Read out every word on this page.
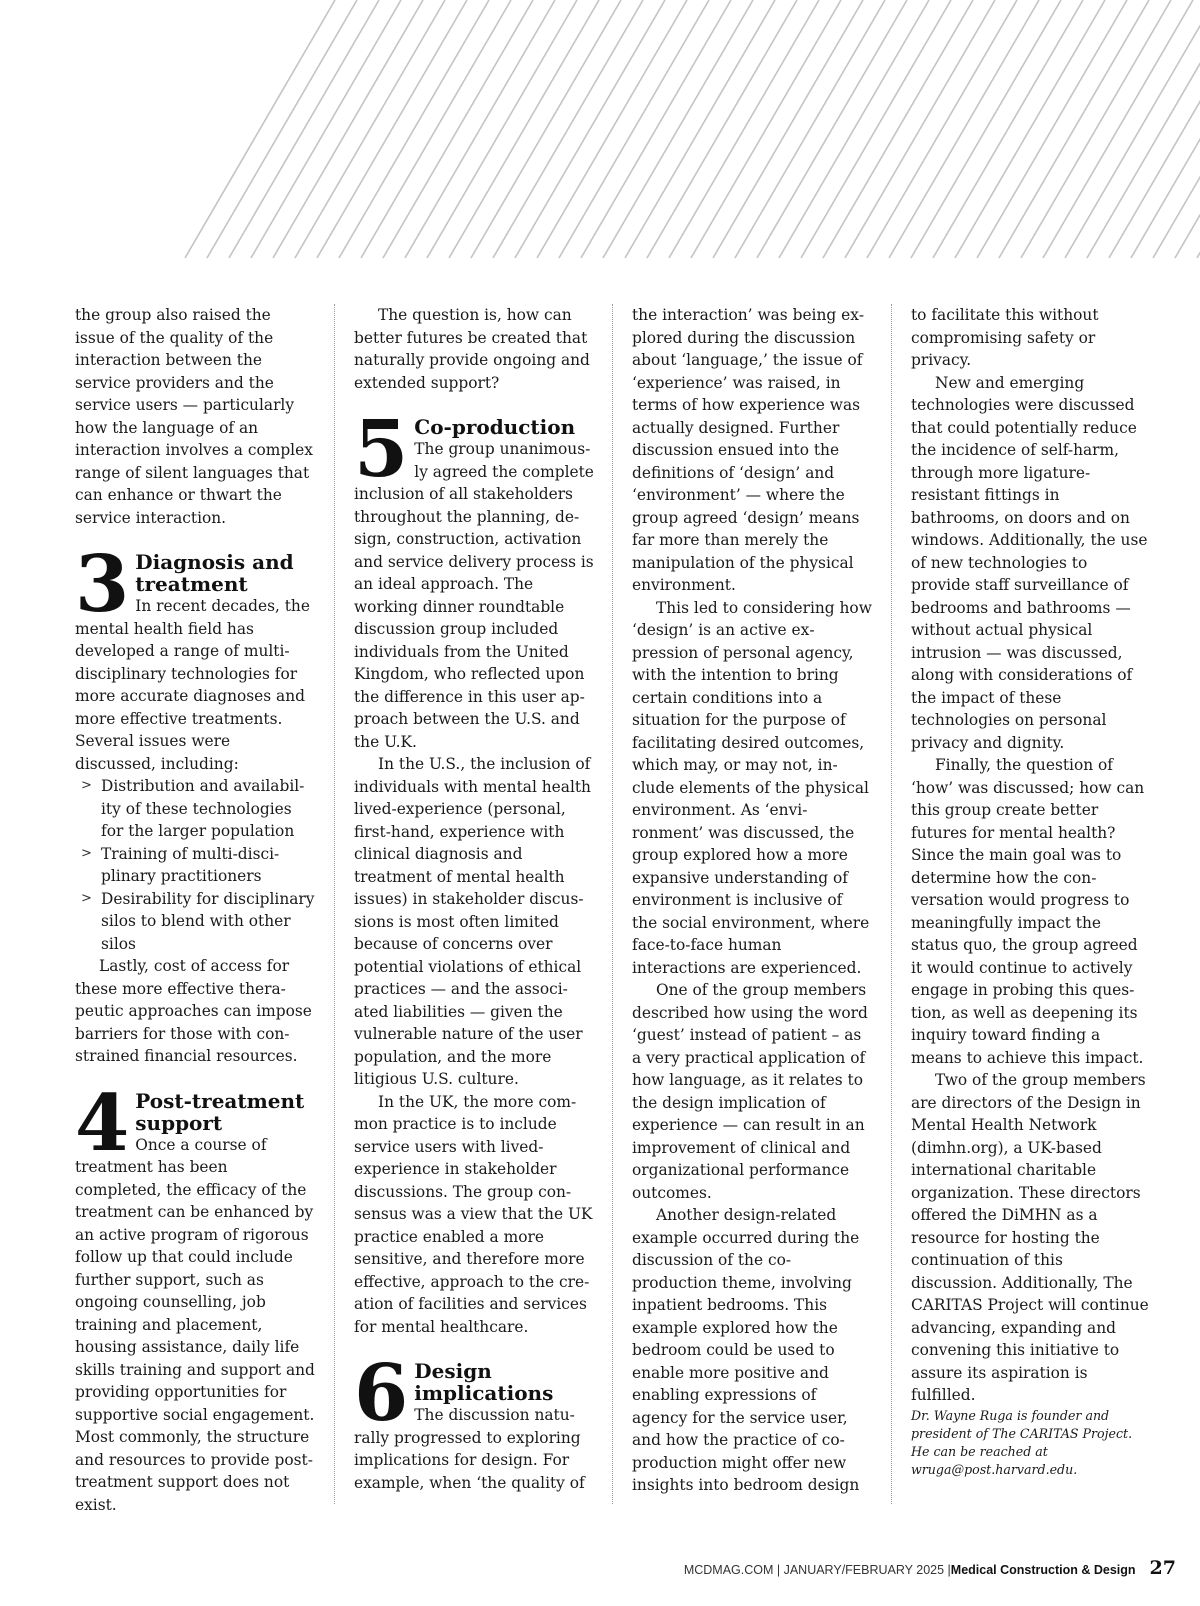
the group also raised the issue of the quality of the interaction between the service providers and the service users — particularly how the language of an interaction involves a complex range of silent languages that can enhance or thwart the service interaction.

3 Diagnosis and treatment

In recent decades, the mental health field has developed a range of multidisciplinary technologies for more accurate diagnoses and more effective treatments. Several issues were discussed, including:

> Distribution and availability of these technologies for the larger population
> Training of multi-disciplinary practitioners
> Desirability for disciplinary silos to blend with other silos

Lastly, cost of access for these more effective therapeutic approaches can impose barriers for those with constrained financial resources.

4 Post-treatment support

Once a course of treatment has been completed, the efficacy of the treatment can be enhanced by an active program of rigorous follow up that could include further support, such as ongoing counselling, job training and placement, housing assistance, daily life skills training and support and providing opportunities for supportive social engagement. Most commonly, the structure and resources to provide post-treatment support does not exist.

The question is, how can better futures be created that naturally provide ongoing and extended support?

5 Co-production

The group unanimously agreed the complete inclusion of all stakeholders throughout the planning, design, construction, activation and service delivery process is an ideal approach. The working dinner roundtable discussion group included individuals from the United Kingdom, who reflected upon the difference in this user approach between the U.S. and the U.K.

In the U.S., the inclusion of individuals with mental health lived-experience (personal, first-hand, experience with clinical diagnosis and treatment of mental health issues) in stakeholder discussions is most often limited because of concerns over potential violations of ethical practices — and the associated liabilities — given the vulnerable nature of the user population, and the more litigious U.S. culture.

In the UK, the more common practice is to include service users with lived-experience in stakeholder discussions. The group consensus was a view that the UK practice enabled a more sensitive, and therefore more effective, approach to the creation of facilities and services for mental healthcare.

6 Design implications

The discussion naturally progressed to exploring implications for design. For example, when ‘the quality of

the interaction’ was being explored during the discussion about ‘language,’ the issue of ‘experience’ was raised, in terms of how experience was actually designed. Further discussion ensued into the definitions of ‘design’ and ‘environment’ — where the group agreed ‘design’ means far more than merely the manipulation of the physical environment.

This led to considering how ‘design’ is an active expression of personal agency, with the intention to bring certain conditions into a situation for the purpose of facilitating desired outcomes, which may, or may not, include elements of the physical environment. As ‘environment’ was discussed, the group explored how a more expansive understanding of environment is inclusive of the social environment, where face-to-face human interactions are experienced.

One of the group members described how using the word ‘guest’ instead of patient – as a very practical application of how language, as it relates to the design implication of experience — can result in an improvement of clinical and organizational performance outcomes.

Another design-related example occurred during the discussion of the co-production theme, involving inpatient bedrooms. This example explored how the bedroom could be used to enable more positive and enabling expressions of agency for the service user, and how the practice of co-production might offer new insights into bedroom design

to facilitate this without compromising safety or privacy.

New and emerging technologies were discussed that could potentially reduce the incidence of self-harm, through more ligature-resistant fittings in bathrooms, on doors and on windows. Additionally, the use of new technologies to provide staff surveillance of bedrooms and bathrooms — without actual physical intrusion — was discussed, along with considerations of the impact of these technologies on personal privacy and dignity.

Finally, the question of ‘how’ was discussed; how can this group create better futures for mental health? Since the main goal was to determine how the conversation would progress to meaningfully impact the status quo, the group agreed it would continue to actively engage in probing this question, as well as deepening its inquiry toward finding a means to achieve this impact.

Two of the group members are directors of the Design in Mental Health Network (dimhn.org), a UK-based international charitable organization. These directors offered the DiMHN as a resource for hosting the continuation of this discussion. Additionally, The CARITAS Project will continue advancing, expanding and convening this initiative to assure its aspiration is fulfilled.

Dr. Wayne Ruga is founder and president of The CARITAS Project. He can be reached at wruga@post.harvard.edu.

MCDMAG.COM | JANUARY/FEBRUARY 2025 | Medical Construction & Design 27
